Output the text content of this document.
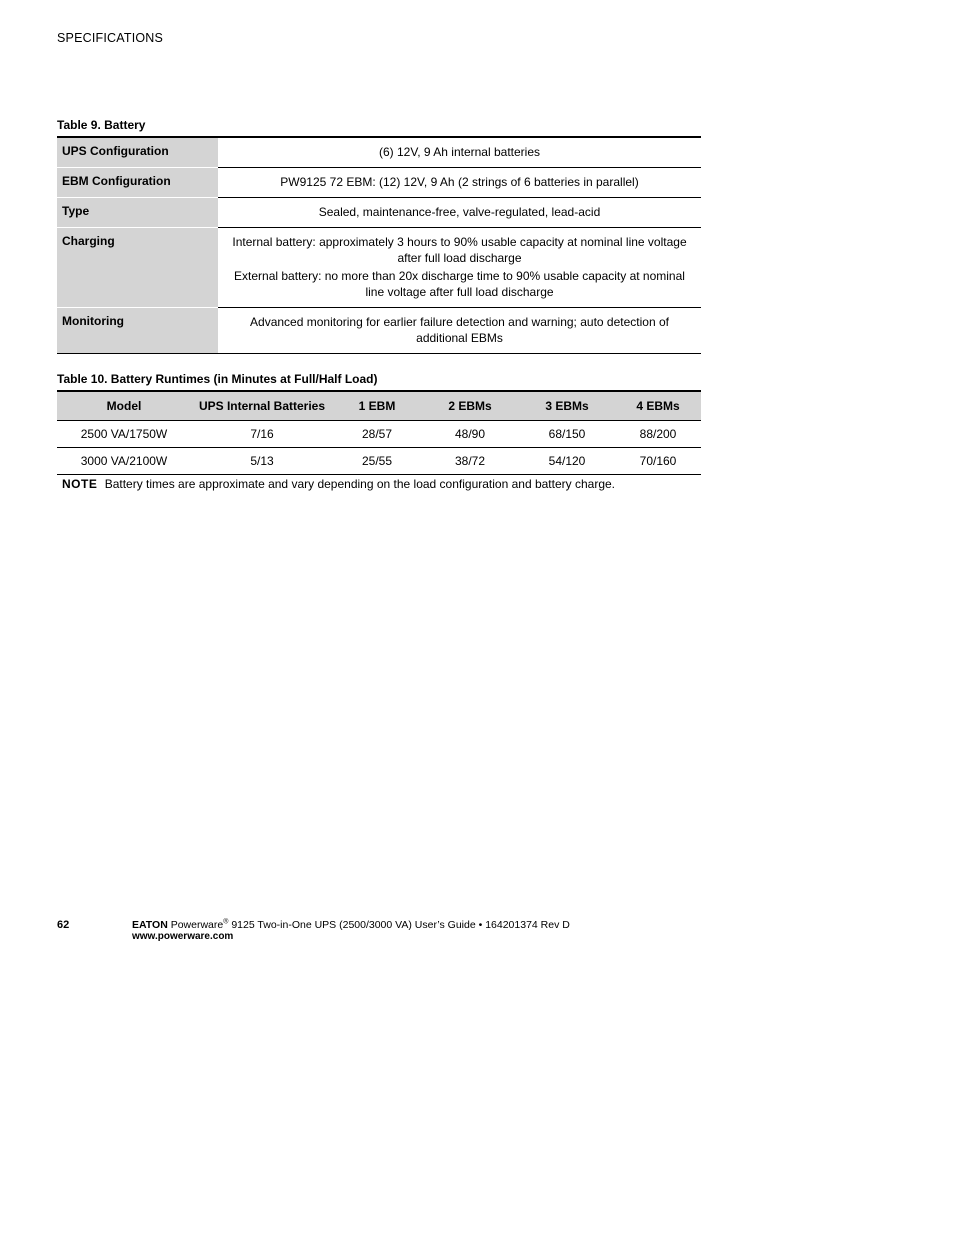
SPECIFICATIONS
Table 9. Battery
UPS Configuration	(6) 12V, 9 Ah internal batteries

EBM Configuration	PW9125 72 EBM: (12) 12V, 9 Ah (2 strings of 6 batteries in parallel)

Type	Sealed, maintenance-free, valve-regulated, lead-acid

Charging	Internal battery: approximately 3 hours to 90% usable capacity at nominal line voltage after full load discharge

External battery: no more than 20x discharge time to 90% usable capacity at nominal line voltage after full load discharge

Monitoring	Advanced monitoring for earlier failure detection and warning; auto detection of additional EBMs

Table 10. Battery Runtimes (in Minutes at Full/Half Load)
Model	UPS Internal Batteries	1 EBM	2 EBMs	3 EBMs	4 EBMs
2500 VA/1750W	7/16	28/57	48/90	68/150	88/200
3000 VA/2100W	5/13	25/55	38/72	54/120	70/160
NOTE Battery times are approximate and vary depending on the load configuration and battery charge.
62	EATON Powerware® 9125 Two-in-One UPS (2500/3000 VA) User’s Guide • 164201374 Rev D
www.powerware.com
